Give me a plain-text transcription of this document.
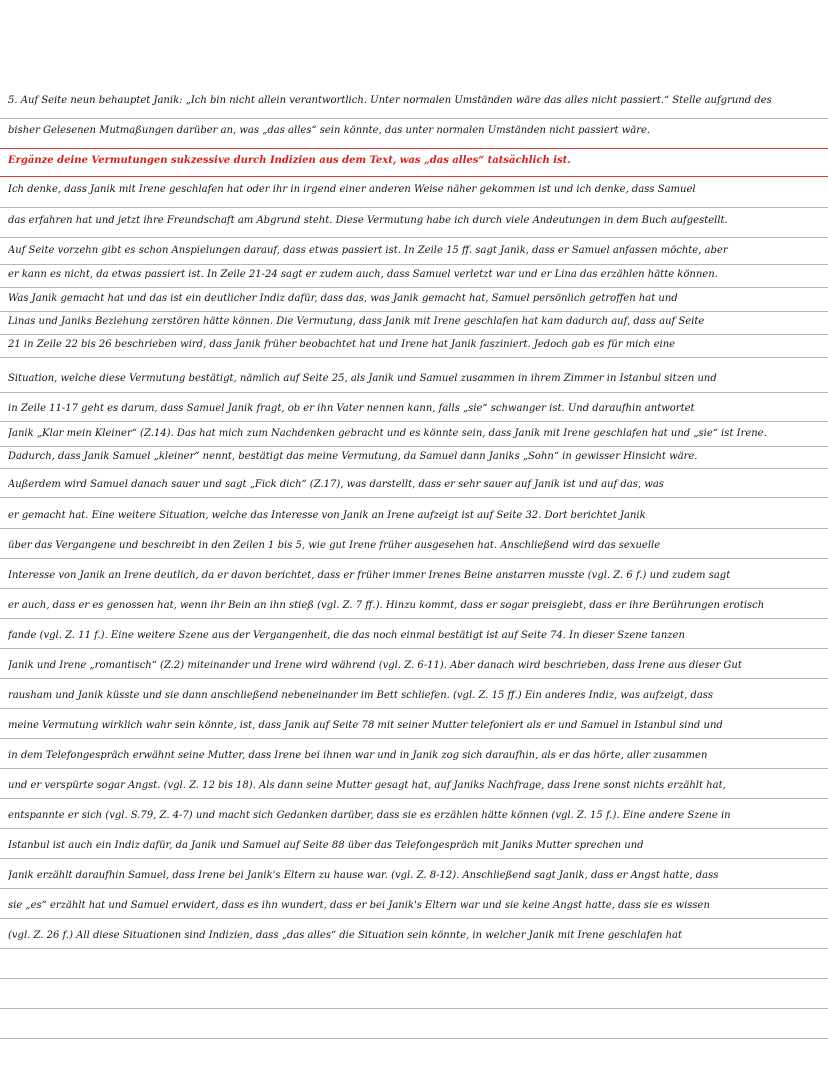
5. Auf Seite neun behauptet Janik: „Ich bin nicht allein verantwortlich. Unter normalen Umständen wäre das alles nicht passiert.“ Stelle aufgrund des
bisher Gelesenen Mutmaßungen darüber an, was „das alles“ sein könnte, das unter normalen Umständen nicht passiert wäre.
Ergänze deine Vermutungen sukzessive durch Indizien aus dem Text, was „das alles“ tatsächlich ist.
Ich denke, dass Janik mit Irene geschlafen hat oder ihr in irgend einer anderen Weise näher gekommen ist und ich denke, dass Samuel
das erfahren hat und jetzt ihre Freundschaft am Abgrund steht. Diese Vermutung habe ich durch viele Andeutungen in dem Buch aufgestellt.
Auf Seite vorzehn gibt es schon Anspielungen darauf, dass etwas passiert ist. In Zeile 15 ff. sagt Janik, dass er Samuel anfassen möchte, aber
er kann es nicht, da etwas passiert ist. In Zeile 21-24 sagt er zudem auch, dass Samuel verletzt war und er Lina das erzählen hätte können.
Was Janik gemacht hat und das ist ein deutlicher Indiz dafür, dass das, was Janik gemacht hat, Samuel persönlich getroffen hat und
Linas und Janiks Beziehung zerstören hätte können. Die Vermutung, dass Janik mit Irene geschlafen hat kam dadurch auf, dass auf Seite
21 in Zeile 22 bis 26 beschrieben wird, dass Janik früher beobachtet hat und Irene hat Janik fasziniert. Jedoch gab es für mich eine
Situation, welche diese Vermutung bestätigt, nämlich auf Seite 25, als Janik und Samuel zusammen in ihrem Zimmer in Istanbul sitzen und
in Zeile 11-17 geht es darum, dass Samuel Janik fragt, ob er ihn Vater nennen kann, falls „sie“ schwanger ist. Und daraufhin antwortet
Janik „Klar mein Kleiner“ (Z.14). Das hat mich zum Nachdenken gebracht und es könnte sein, dass Janik mit Irene geschlafen hat und „sie“ ist Irene.
Dadurch, dass Janik Samuel „kleiner“ nennt, bestätigt das meine Vermutung, da Samuel dann Janiks „Sohn“ in gewisser Hinsicht wäre.
Außerdem wird Samuel danach sauer und sagt „Fick dich“ (Z.17), was darstellt, dass er sehr sauer auf Janik ist und auf das, was
er gemacht hat. Eine weitere Situation, welche das Interesse von Janik an Irene aufzeigt ist auf Seite 32. Dort berichtet Janik
über das Vergangene und beschreibt in den Zeilen 1 bis 5, wie gut Irene früher ausgesehen hat. Anschließend wird das sexuelle
Interesse von Janik an Irene deutlich, da er davon berichtet, dass er früher immer Irenes Beine anstarren musste (vgl. Z. 6 f.) und zudem sagt
er auch, dass er es genossen hat, wenn ihr Bein an ihn stieß (vgl. Z. 7 ff.). Hinzu kommt, dass er sogar preisgiebt, dass er ihre Berührungen erotisch
fande (vgl. Z. 11 f.). Eine weitere Szene aus der Vergangenheit, die das noch einmal bestätigt ist auf Seite 74. In dieser Szene tanzen
Janik und Irene „romantisch“ (Z.2) miteinander und Irene wird während (vgl. Z. 6-11). Aber danach wird beschrieben, dass Irene aus dieser Gut
rausham und Janik küsste und sie dann anschließend nebeneinander im Bett schliefen. (vgl. Z. 15 ff.) Ein anderes Indiz, was aufzeigt, dass
meine Vermutung wirklich wahr sein könnte, ist, dass Janik auf Seite 78 mit seiner Mutter telefoniert als er und Samuel in Istanbul sind und
in dem Telefongespräch erwähnt seine Mutter, dass Irene bei ihnen war und in Janik zog sich daraufhin, als er das hörte, aller zusammen
und er verspürte sogar Angst. (vgl. Z. 12 bis 18). Als dann seine Mutter gesagt hat, auf Janiks Nachfrage, dass Irene sonst nichts erzählt hat,
entspannte er sich (vgl. S.79, Z. 4-7) und macht sich Gedanken darüber, dass sie es erzählen hätte können (vgl. Z. 15 f.). Eine andere Szene in
Istanbul ist auch ein Indiz dafür, da Janik und Samuel auf Seite 88 über das Telefongespräch mit Janiks Mutter sprechen und
Janik erzählt daraufhin Samuel, dass Irene bei Janik's Eltern zu hause war. (vgl. Z. 8-12). Anschließend sagt Janik, dass er Angst hatte, dass
sie „es“ erzählt hat und Samuel erwidert, dass es ihn wundert, dass er bei Janik's Eltern war und sie keine Angst hatte, dass sie es wissen
(vgl. Z. 26 f.) All diese Situationen sind Indizien, dass „das alles“ die Situation sein könnte, in welcher Janik mit Irene geschlafen hat
